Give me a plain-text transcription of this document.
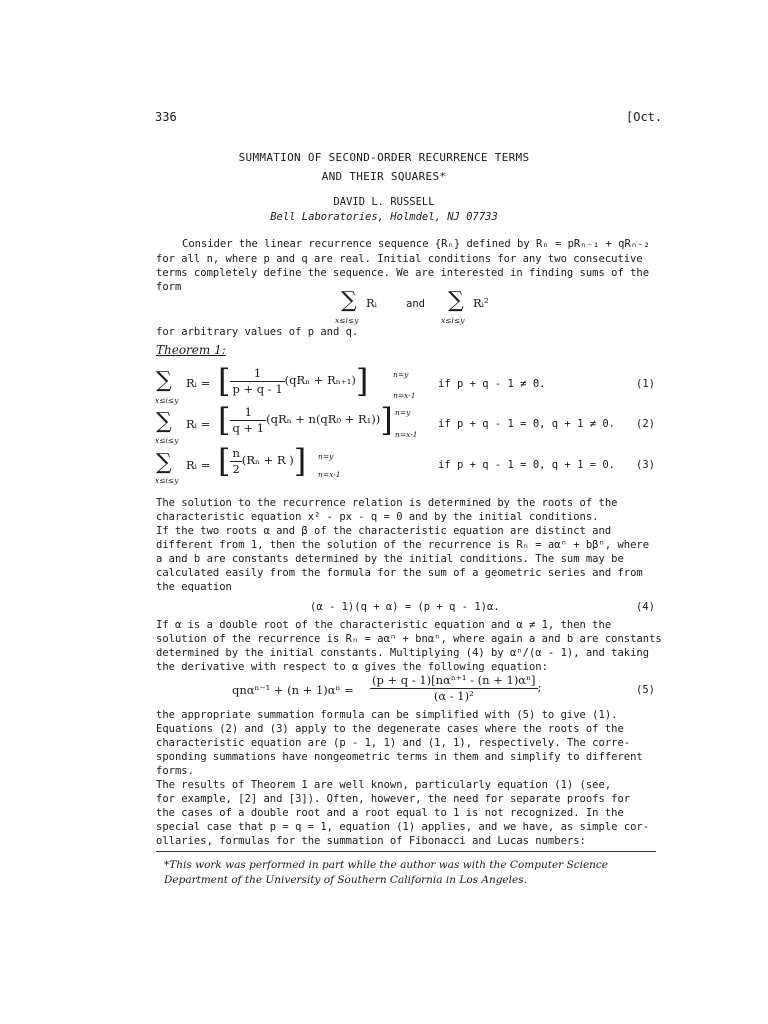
336	[Oct.
SUMMATION OF SECOND-ORDER RECURRENCE TERMS
AND THEIR SQUARES*
DAVID L. RUSSELL
Bell Laboratories, Holmdel, NJ 07733
Consider the linear recurrence sequence {Rₙ} defined by Rₙ = pRₙ₋₁ + qRₙ₋₂
for all n, where p and q are real. Initial conditions for any two consecutive
terms completely define the sequence. We are interested in finding sums of the
form
∑ Rᵢ
x≤i≤y
and ∑ Rᵢ²
x≤i≤y
for arbitrary values of p and q.
Theorem 1:
∑
x≤i≤y
Rᵢ = [ $\frac{1}{p + q - 1} (qR_n + R_{n+1})$]	n=y
n=x-1
if p + q - 1 ≠ 0.	(1)
∑
x≤i≤y
Rᵢ = [ $\frac{1}{q + 1} (qR_n + n(qR_0 + R_1))$] n=y
n=x-1
if p + q - 1 = 0, q + 1 ≠ 0. (2)
∑
x≤i≤y
Rᵢ = [ $\frac{n}{2} (R_n + R$ )] n=y
n=x-1
if p + q - 1 = 0, q + 1 = 0. (3)
The solution to the recurrence relation is determined by the roots of the
characteristic equation x² - px - q = 0 and by the initial conditions.
If the two roots α and β of the characteristic equation are distinct and
different from 1, then the solution of the recurrence is Rₙ = aαⁿ + bβⁿ, where
a and b are constants determined by the initial conditions. The sum may be
calculated easily from the formula for the sum of a geometric series and from
the equation
(α - 1)(q + α) = (p + q - 1)α.	(4)
If α is a double root of the characteristic equation and α ≠ 1, then the
solution of the recurrence is Rₙ = aαⁿ + bnαⁿ, where again a and b are constants
determined by the initial constants. Multiplying (4) by αⁿ/(α - 1), and taking
the derivative with respect to α gives the following equation:
$qn\alpha^{n-1} + (n + 1)\alpha^n = \frac{\text{(p + q - 1)[nαⁿ⁺¹ - (n + 1)αⁿ]}}{\text{(α - 1)²}}$ ;	(5)
the appropriate summation formula can be simplified with (5) to give (1).
Equations (2) and (3) apply to the degenerate cases where the roots of the
characteristic equation are (p - 1, 1) and (1, 1), respectively. The corre-
sponding summations have nongeometric terms in them and simplify to different
forms.
The results of Theorem 1 are well known, particularly equation (1) (see,
for example, [2] and [3]). Often, however, the need for separate proofs for
the cases of a double root and a root equal to 1 is not recognized. In the
special case that p = q = 1, equation (1) applies, and we have, as simple cor-
ollaries, formulas for the summation of Fibonacci and Lucas numbers:
*This work was performed in part while the author was with the Computer Science Department of the University of Southern California in Los Angeles.
